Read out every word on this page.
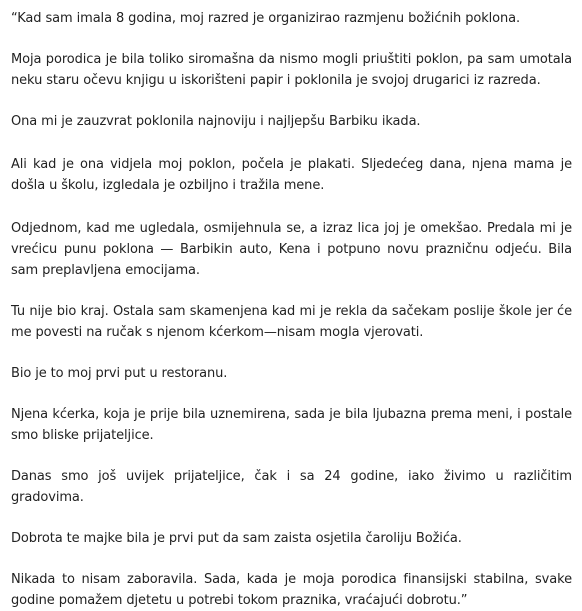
“Kad sam imala 8 godina, moj razred je organizirao razmjenu božićnih poklona.

Moja porodica je bila toliko siromašna da nismo mogli priuštiti poklon, pa sam umotala neku staru očevu knjigu u iskorišteni papir i poklonila je svojoj drugarici iz razreda.

Ona mi je zauzvrat poklonila najnoviju i najljepšu Barbiku ikada.

Ali kad je ona vidjela moj poklon, počela je plakati. Sljedećeg dana, njena mama je došla u školu, izgledala je ozbiljno i tražila mene.

Odjednom, kad me ugledala, osmijehnula se, a izraz lica joj je omekšao. Predala mi je vrećicu punu poklona — Barbikin auto, Kena i potpuno novu prazničnu odjeću. Bila sam preplavljena emocijama.

Tu nije bio kraj. Ostala sam skamenjena kad mi je rekla da sačekam poslije škole jer će me povesti na ručak s njenom kćerkom—nisam mogla vjerovati.

Bio je to moj prvi put u restoranu.

Njena kćerka, koja je prije bila uznemirena, sada je bila ljubazna prema meni, i postale smo bliske prijateljice.

Danas smo još uvijek prijateljice, čak i sa 24 godine, iako živimo u različitim gradovima.

Dobrota te majke bila je prvi put da sam zaista osjetila čaroliju Božića.

Nikada to nisam zaboravila. Sada, kada je moja porodica finansijski stabilna, svake godine pomažem djetetu u potrebi tokom praznika, vraćajući dobrotu.”
